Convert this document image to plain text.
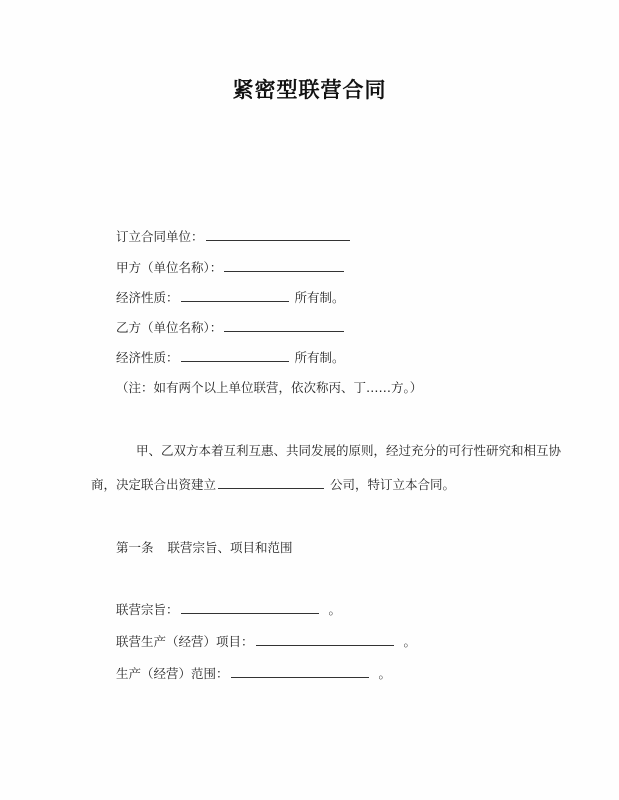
紧密型联营合同
订立合同单位：
甲方（单位名称）：
经济性质：	所有制。
乙方（单位名称）：
经济性质：	所有制。
（注：如有两个以上单位联营，依次称丙、丁……方。）
甲、乙双方本着互利互惠、共同发展的原则，经过充分的可行性研究和相互协
商，决定联合出资建立	公司，特订立本合同。
第一条 联营宗旨、项目和范围
联营宗旨：	。
联营生产（经营）项目：	。
生产（经营）范围：	。
